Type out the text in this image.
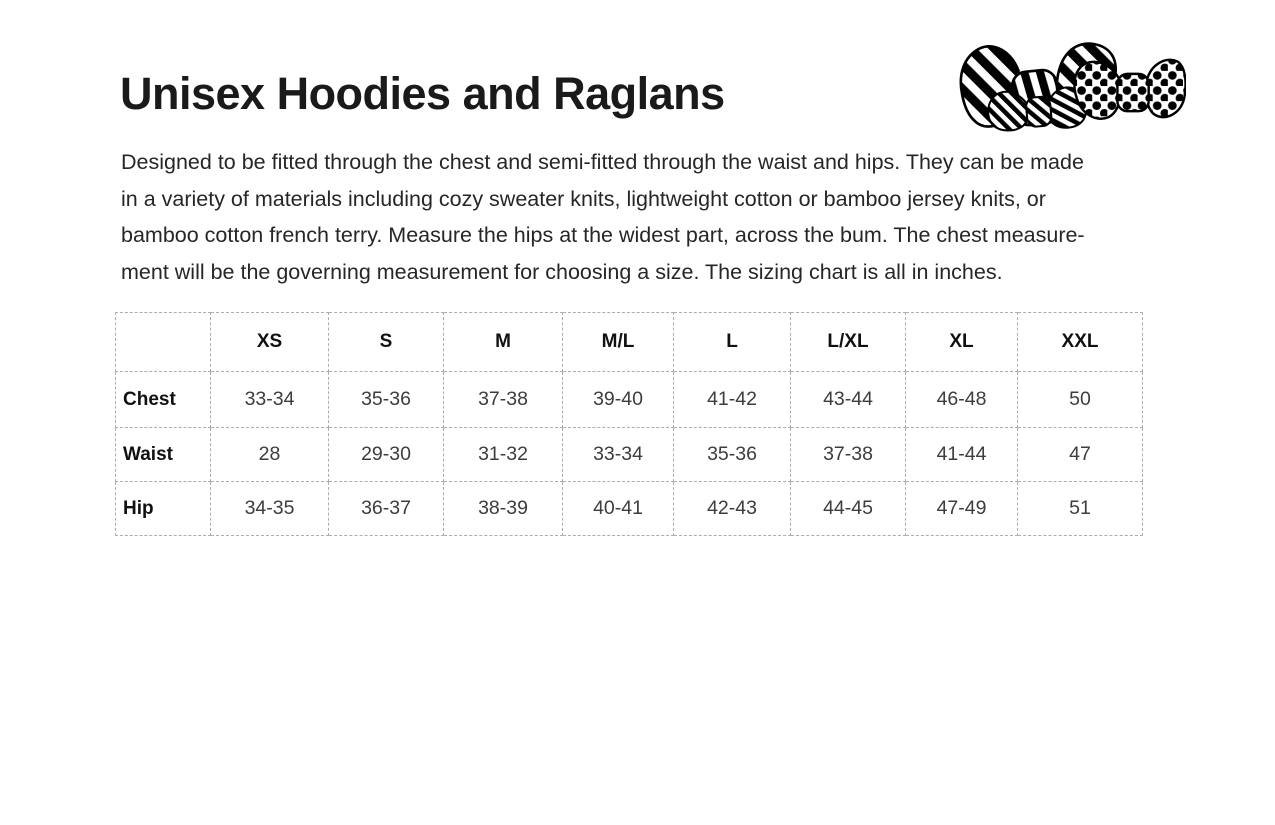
Unisex Hoodies and Raglans
Designed to be fitted through the chest and semi-fitted through the waist and hips. They can be made
in a variety of materials including cozy sweater knits, lightweight cotton or bamboo jersey knits, or
bamboo cotton french terry. Measure the hips at the widest part, across the bum. The chest measure-
ment will be the governing measurement for choosing a size. The sizing chart is all in inches.
	XS	S	M	M/L	L	L/XL	XL	XXL
Chest	33-34	35-36	37-38	39-40	41-42	43-44	46-48	50
Waist	28	29-30	31-32	33-34	35-36	37-38	41-44	47
Hip	34-35	36-37	38-39	40-41	42-43	44-45	47-49	51
